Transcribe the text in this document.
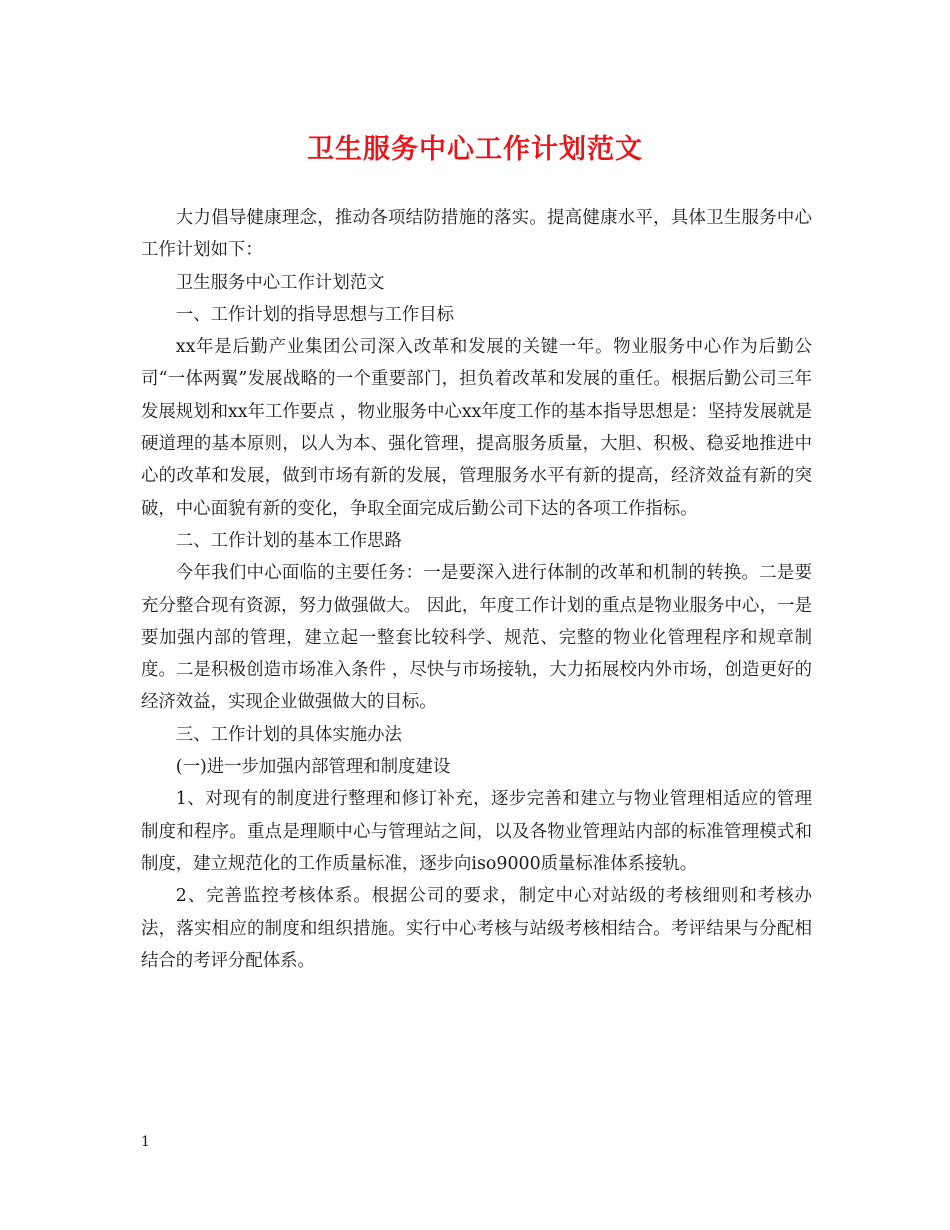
卫生服务中心工作计划范文

大力倡导健康理念，推动各项结防措施的落实。提高健康水平，具体卫生服务中心工作计划如下：

卫生服务中心工作计划范文

一、工作计划的指导思想与工作目标

xx年是后勤产业集团公司深入改革和发展的关键一年。物业服务中心作为后勤公司“一体两翼”发展战略的一个重要部门，担负着改革和发展的重任。根据后勤公司三年发展规划和xx年工作要点 ，物业服务中心xx年度工作的基本指导思想是：坚持发展就是硬道理的基本原则，以人为本、强化管理，提高服务质量，大胆、积极、稳妥地推进中心的改革和发展，做到市场有新的发展，管理服务水平有新的提高，经济效益有新的突破，中心面貌有新的变化，争取全面完成后勤公司下达的各项工作指标。

二、工作计划的基本工作思路

今年我们中心面临的主要任务：一是要深入进行体制的改革和机制的转换。二是要充分整合现有资源，努力做强做大。 因此，年度工作计划的重点是物业服务中心，一是要加强内部的管理，建立起一整套比较科学、规范、完整的物业化管理程序和规章制度。二是积极创造市场准入条件 ，尽快与市场接轨，大力拓展校内外市场，创造更好的经济效益，实现企业做强做大的目标。

三、工作计划的具体实施办法

(一)进一步加强内部管理和制度建设

1、对现有的制度进行整理和修订补充，逐步完善和建立与物业管理相适应的管理制度和程序。重点是理顺中心与管理站之间，以及各物业管理站内部的标准管理模式和制度，建立规范化的工作质量标准，逐步向iso9000质量标准体系接轨。

2、完善监控考核体系。根据公司的要求，制定中心对站级的考核细则和考核办法，落实相应的制度和组织措施。实行中心考核与站级考核相结合。考评结果与分配相结合的考评分配体系。

1
